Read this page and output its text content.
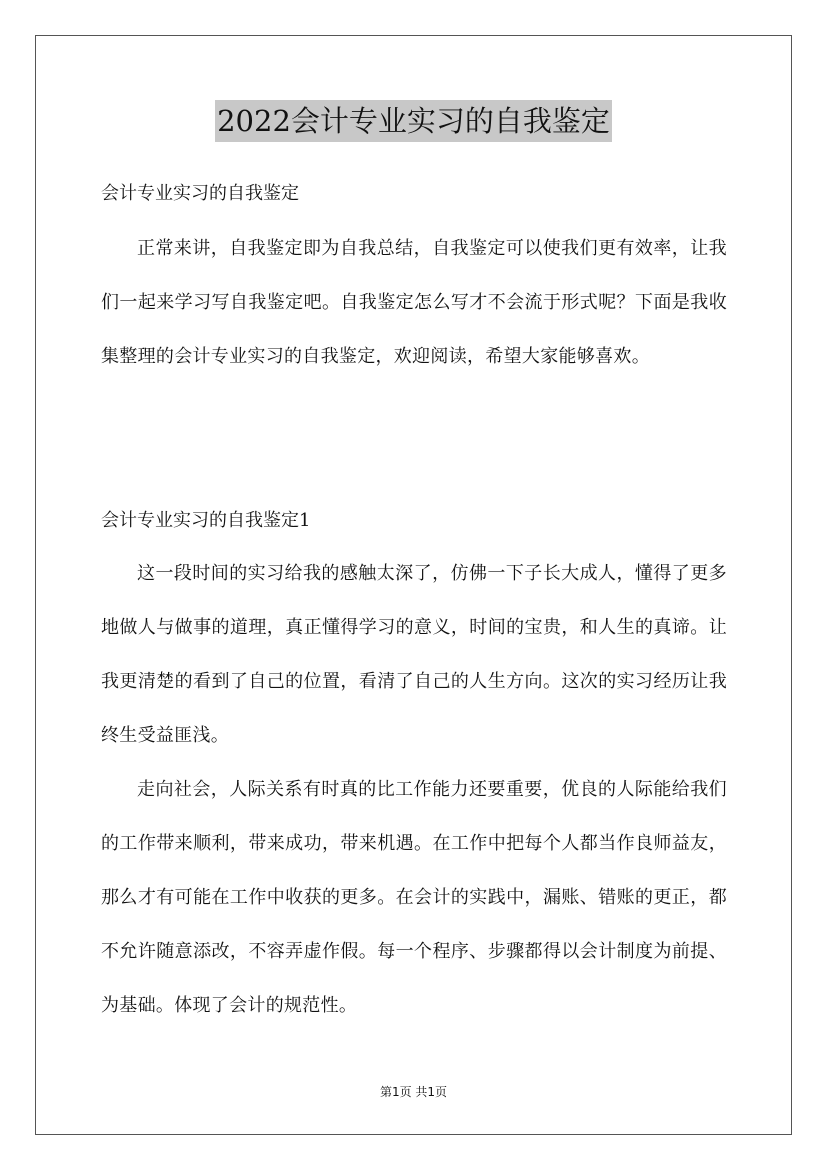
2022会计专业实习的自我鉴定
会计专业实习的自我鉴定
正常来讲，自我鉴定即为自我总结，自我鉴定可以使我们更有效率，让我们一起来学习写自我鉴定吧。自我鉴定怎么写才不会流于形式呢？下面是我收集整理的会计专业实习的自我鉴定，欢迎阅读，希望大家能够喜欢。
会计专业实习的自我鉴定1
这一段时间的实习给我的感触太深了，仿佛一下子长大成人，懂得了更多地做人与做事的道理，真正懂得学习的意义，时间的宝贵，和人生的真谛。让我更清楚的看到了自己的位置，看清了自己的人生方向。这次的实习经历让我终生受益匪浅。
走向社会，人际关系有时真的比工作能力还要重要，优良的人际能给我们的工作带来顺利，带来成功，带来机遇。在工作中把每个人都当作良师益友，那么才有可能在工作中收获的更多。在会计的实践中，漏账、错账的更正，都不允许随意添改，不容弄虚作假。每一个程序、步骤都得以会计制度为前提、为基础。体现了会计的规范性。
第1页 共1页
